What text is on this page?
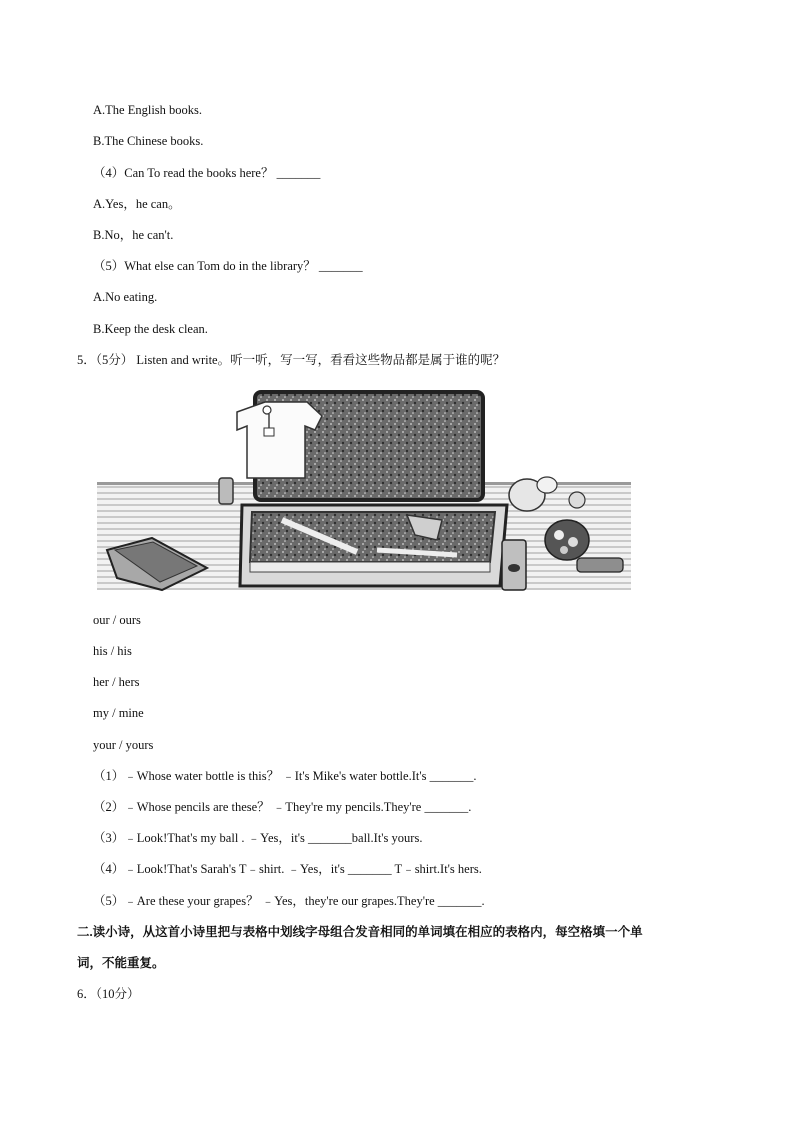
A.The English books.
B.The Chinese books.
（4）Can To read the books here？ _______
A.Yes，he can。
B.No，he can't.
（5）What else can Tom do in the library？ _______
A.No eating.
B.Keep the desk clean.
5．（5分） Listen and write。听一听，写一写，看看这些物品都是属于谁的呢？
our / ours
his / his
her / hers
my / mine
your / yours
（1）﹣Whose water bottle is this？ ﹣It's Mike's water bottle.It's _______.
（2）﹣Whose pencils are these？ ﹣They're my pencils.They're _______.
（3）﹣Look!That's my ball . ﹣Yes，it's _______ball.It's yours.
（4）﹣Look!That's Sarah's T﹣shirt. ﹣Yes，it's _______ T﹣shirt.It's hers.
（5）﹣Are these your grapes？ ﹣Yes，they're our grapes.They're _______.
二.读小诗，从这首小诗里把与表格中划线字母组合发音相同的单词填在相应的表格内，每空格填一个单
词，不能重复。
6．（10分）
